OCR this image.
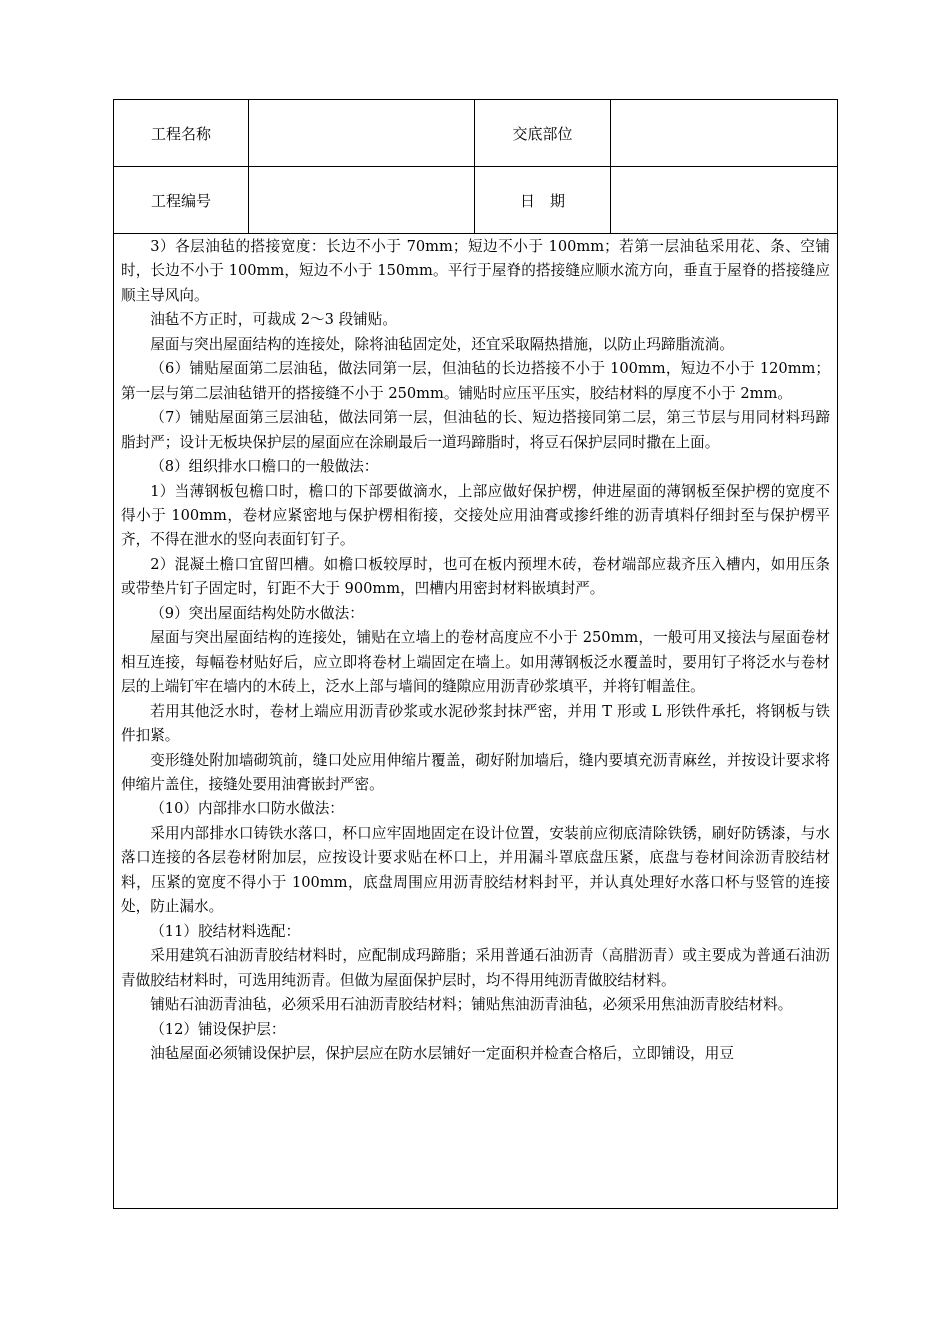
工程名称	交底部位
工程编号	日　期

3）各层油毡的搭接宽度：长边不小于 70mm；短边不小于 100mm；若第一层油毡采用花、条、空铺时，长边不小于 100mm，短边不小于 150mm。平行于屋脊的搭接缝应顺水流方向，垂直于屋脊的搭接缝应顺主导风向。

油毡不方正时，可裁成 2～3 段铺贴。

屋面与突出屋面结构的连接处，除将油毡固定处，还宜采取隔热措施，以防止玛蹄脂流淌。

（6）铺贴屋面第二层油毡，做法同第一层，但油毡的长边搭接不小于 100mm，短边不小于 120mm；第一层与第二层油毡错开的搭接缝不小于 250mm。铺贴时应压平压实，胶结材料的厚度不小于 2mm。

（7）铺贴屋面第三层油毡，做法同第一层，但油毡的长、短边搭接同第二层，第三节层与用同材料玛蹄脂封严；设计无板块保护层的屋面应在涂刷最后一道玛蹄脂时，将豆石保护层同时撒在上面。

（8）组织排水口檐口的一般做法：

1）当薄钢板包檐口时，檐口的下部要做滴水，上部应做好保护楞，伸进屋面的薄钢板至保护楞的宽度不得小于 100mm，卷材应紧密地与保护楞相衔接，交接处应用油膏或掺纤维的沥青填料仔细封至与保护楞平齐，不得在泄水的竖向表面钉钉子。

2）混凝土檐口宜留凹槽。如檐口板较厚时，也可在板内预埋木砖，卷材端部应裁齐压入槽内，如用压条或带垫片钉子固定时，钉距不大于 900mm，凹槽内用密封材料嵌填封严。

（9）突出屋面结构处防水做法：

屋面与突出屋面结构的连接处，铺贴在立墙上的卷材高度应不小于 250mm，一般可用叉接法与屋面卷材相互连接，每幅卷材贴好后，应立即将卷材上端固定在墙上。如用薄钢板泛水覆盖时，要用钉子将泛水与卷材层的上端钉牢在墙内的木砖上，泛水上部与墙间的缝隙应用沥青砂浆填平，并将钉帽盖住。

若用其他泛水时，卷材上端应用沥青砂浆或水泥砂浆封抹严密，并用 T 形或 L 形铁件承托，将钢板与铁件扣紧。

变形缝处附加墙砌筑前，缝口处应用伸缩片覆盖，砌好附加墙后，缝内要填充沥青麻丝，并按设计要求将伸缩片盖住，接缝处要用油膏嵌封严密。

（10）内部排水口防水做法：

采用内部排水口铸铁水落口，杯口应牢固地固定在设计位置，安装前应彻底清除铁锈，刷好防锈漆，与水落口连接的各层卷材附加层，应按设计要求贴在杯口上，并用漏斗罩底盘压紧，底盘与卷材间涂沥青胶结材料，压紧的宽度不得小于 100mm，底盘周围应用沥青胶结材料封平，并认真处理好水落口杯与竖管的连接处，防止漏水。

（11）胶结材料选配：

采用建筑石油沥青胶结材料时，应配制成玛蹄脂；采用普通石油沥青（高腊沥青）或主要成为普通石油沥青做胶结材料时，可选用纯沥青。但做为屋面保护层时，均不得用纯沥青做胶结材料。

铺贴石油沥青油毡，必须采用石油沥青胶结材料；铺贴焦油沥青油毡，必须采用焦油沥青胶结材料。

（12）铺设保护层：

油毡屋面必须铺设保护层，保护层应在防水层铺好一定面积并检查合格后，立即铺设，用豆
